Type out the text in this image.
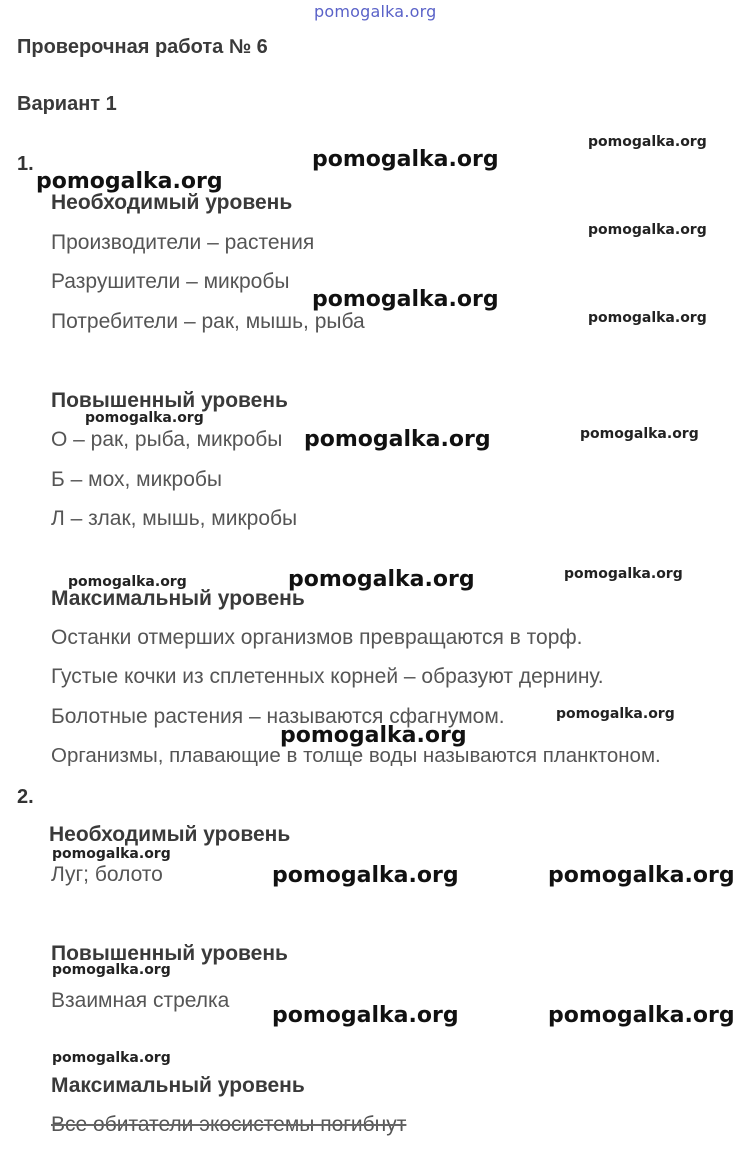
pomogalka.org
Проверочная работа № 6
Вариант 1
1.
Необходимый уровень
Производители – растения
Разрушители – микробы
Потребители – рак, мышь, рыба
Повышенный уровень
О – рак, рыба, микробы
Б – мох, микробы
Л – злак, мышь, микробы
Максимальный уровень
Останки отмерших организмов превращаются в торф.
Густые кочки из сплетенных корней – образуют дернину.
Болотные растения – называются сфагнумом.
Организмы, плавающие в толще воды называются планктоном.
2.
Необходимый уровень
Луг; болото
Повышенный уровень
Взаимная стрелка
Максимальный уровень
Все обитатели экосистемы погибнут
pomogalka.org
pomogalka.org
pomogalka.org
pomogalka.org
pomogalka.org
pomogalka.org
pomogalka.org	pomogalka.org
pomogalka.org	pomogalka.org
pomogalka.org
pomogalka.org
pomogalka.org
pomogalka.org
pomogalka.org
pomogalka.org	pomogalka.org
pomogalka.org
pomogalka.org
pomogalka.org
pomogalka.org
